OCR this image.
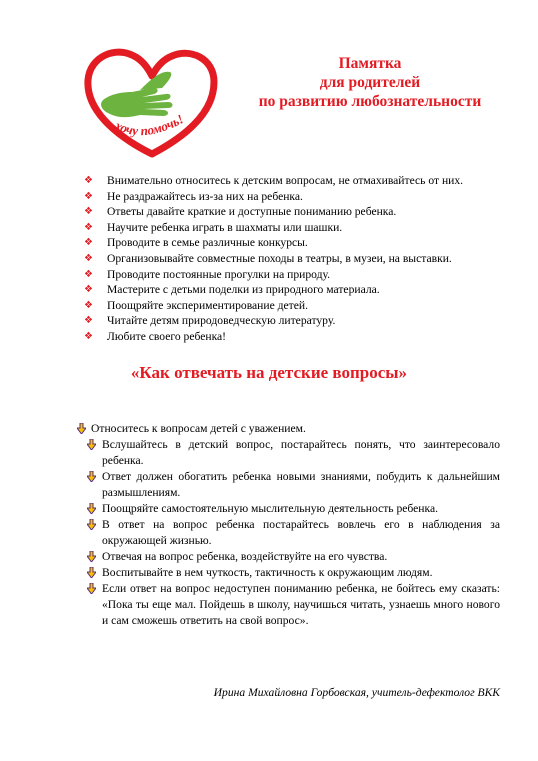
хочу помочь!
Памятка
для родителей
по развитию любознательности
❖ Внимательно относитесь к детским вопросам, не отмахивайтесь от них.
❖ Не раздражайтесь из-за них на ребенка.
❖ Ответы давайте краткие и доступные пониманию ребенка.
❖ Научите ребенка играть в шахматы или шашки.
❖ Проводите в семье различные конкурсы.
❖ Организовывайте совместные походы в театры, в музеи, на выставки.
❖ Проводите постоянные прогулки на природу.
❖ Мастерите с детьми поделки из природного материала.
❖ Поощряйте экспериментирование детей.
❖ Читайте детям природоведческую литературу.
❖ Любите своего ребенка!
«Как отвечать на детские вопросы»
Относитесь к вопросам детей с уважением.
Вслушайтесь в детский вопрос, постарайтесь понять, что заинтересовало ребенка.
Ответ должен обогатить ребенка новыми знаниями, побудить к дальнейшим размышлениям.
Поощряйте самостоятельную мыслительную деятельность ребенка.
В ответ на вопрос ребенка постарайтесь вовлечь его в наблюдения за окружающей жизнью.
Отвечая на вопрос ребенка, воздействуйте на его чувства.
Воспитывайте в нем чуткость, тактичность к окружающим людям.
Если ответ на вопрос недоступен пониманию ребенка, не бойтесь ему сказать: «Пока ты еще мал. Пойдешь в школу, научишься читать, узнаешь много нового и сам сможешь ответить на свой вопрос».
Ирина Михайловна Горбовская, учитель-дефектолог ВКК
